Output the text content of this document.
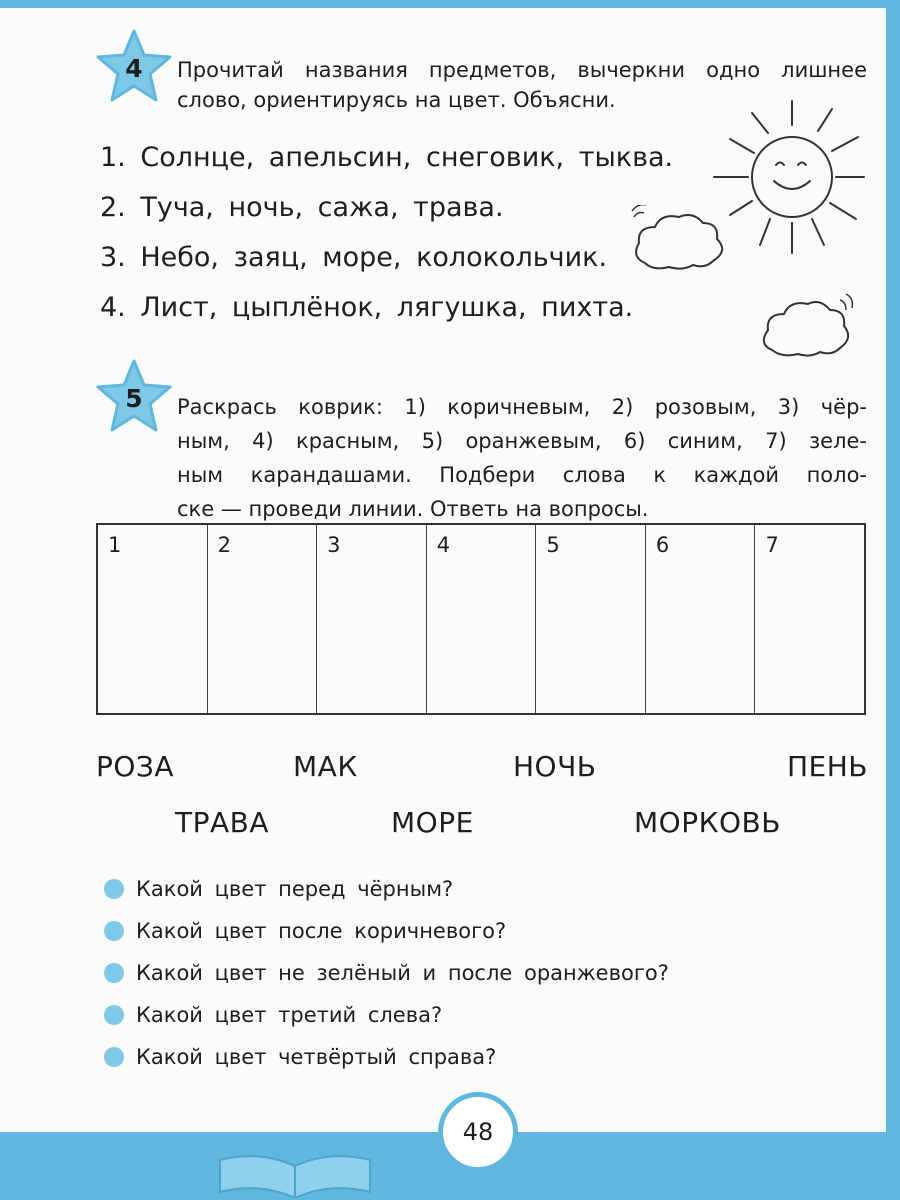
4	Прочитай названия предметов, вычеркни одно лишнее
слово, ориентируясь на цвет. Объясни.
1. Солнце, апельсин, снеговик, тыква.
2. Туча, ночь, сажа, трава.
3. Небо, заяц, море, колокольчик.
4. Лист, цыплёнок, лягушка, пихта.
5	Раскрась коврик: 1) коричневым, 2) розовым, 3) чёр-
ным, 4) красным, 5) оранжевым, 6) синим, 7) зеле-
ным карандашами. Подбери слова к каждой поло-
ске — проведи линии. Ответь на вопросы.
1	2	3	4	5	6	7
РОЗА	МАК	НОЧЬ	ПЕНЬ
ТРАВА	МОРЕ	МОРКОВЬ
Какой цвет перед чёрным?
Какой цвет после коричневого?
Какой цвет не зелёный и после оранжевого?
Какой цвет третий слева?
Какой цвет четвёртый справа?
48
